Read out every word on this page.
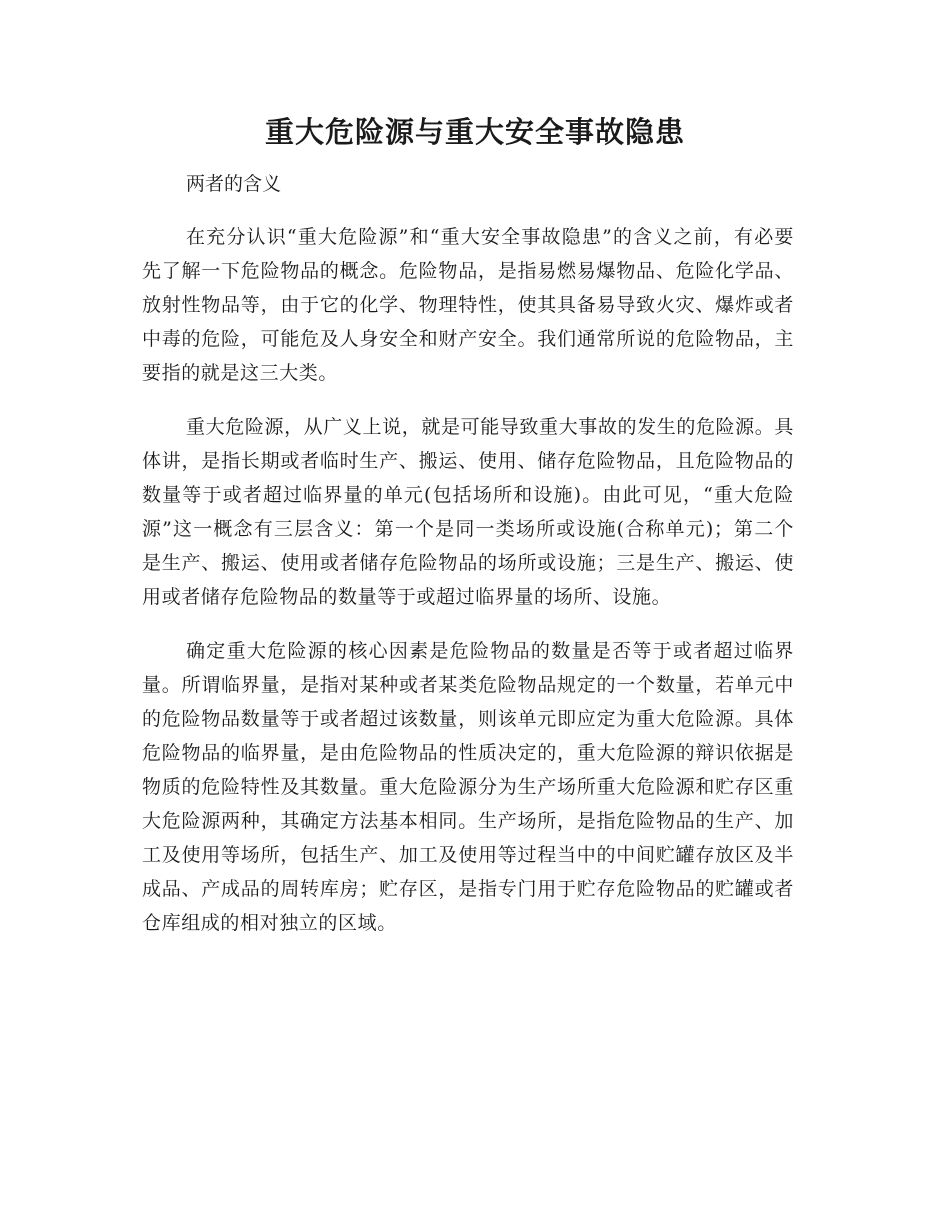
重大危险源与重大安全事故隐患

两者的含义

在充分认识“重大危险源”和“重大安全事故隐患”的含义之前，有必要先了解一下危险物品的概念。危险物品，是指易燃易爆物品、危险化学品、放射性物品等，由于它的化学、物理特性，使其具备易导致火灾、爆炸或者中毒的危险，可能危及人身安全和财产安全。我们通常所说的危险物品，主要指的就是这三大类。

重大危险源，从广义上说，就是可能导致重大事故的发生的危险源。具体讲，是指长期或者临时生产、搬运、使用、储存危险物品，且危险物品的数量等于或者超过临界量的单元(包括场所和设施)。由此可见，“重大危险源”这一概念有三层含义：第一个是同一类场所或设施(合称单元)；第二个是生产、搬运、使用或者储存危险物品的场所或设施；三是生产、搬运、使用或者储存危险物品的数量等于或超过临界量的场所、设施。

确定重大危险源的核心因素是危险物品的数量是否等于或者超过临界量。所谓临界量，是指对某种或者某类危险物品规定的一个数量，若单元中的危险物品数量等于或者超过该数量，则该单元即应定为重大危险源。具体危险物品的临界量，是由危险物品的性质决定的，重大危险源的辩识依据是物质的危险特性及其数量。重大危险源分为生产场所重大危险源和贮存区重大危险源两种，其确定方法基本相同。生产场所，是指危险物品的生产、加工及使用等场所，包括生产、加工及使用等过程当中的中间贮罐存放区及半成品、产成品的周转库房；贮存区，是指专门用于贮存危险物品的贮罐或者仓库组成的相对独立的区域。
